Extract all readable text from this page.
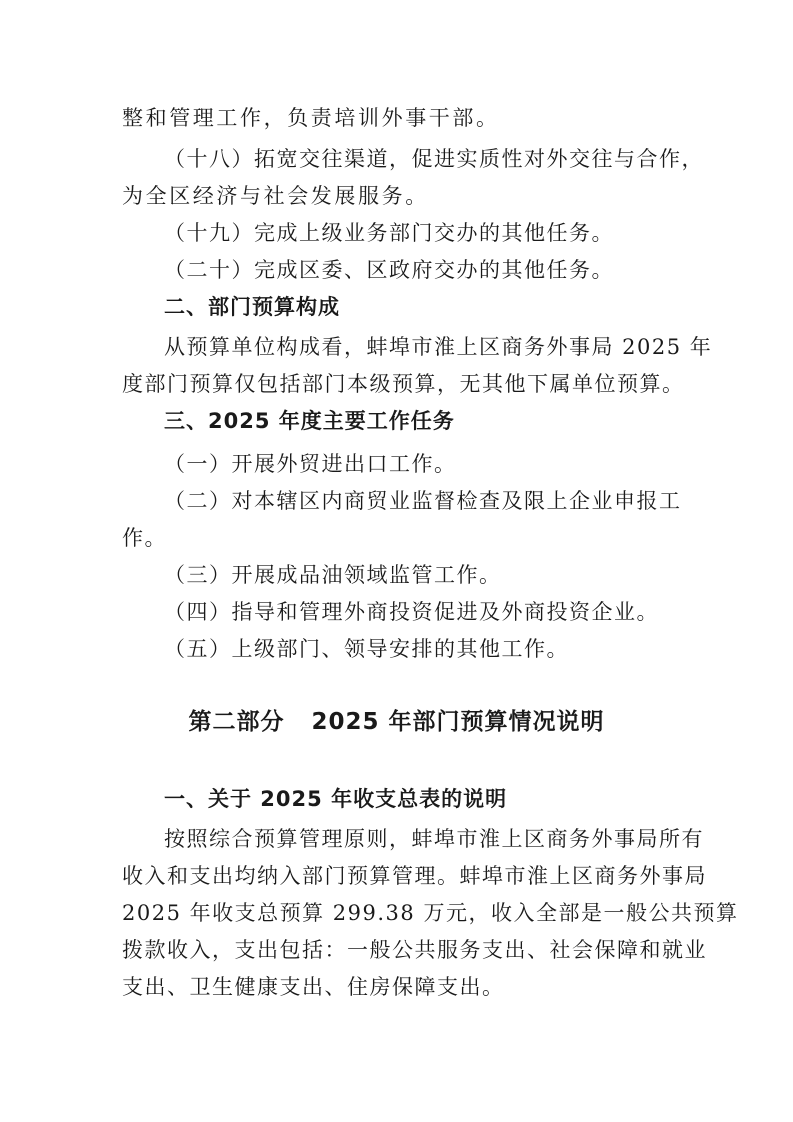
整和管理工作，负责培训外事干部。
（十八）拓宽交往渠道，促进实质性对外交往与合作，
为全区经济与社会发展服务。
（十九）完成上级业务部门交办的其他任务。
（二十）完成区委、区政府交办的其他任务。
二、部门预算构成
从预算单位构成看，蚌埠市淮上区商务外事局 2025 年
度部门预算仅包括部门本级预算，无其他下属单位预算。
三、2025 年度主要工作任务
（一）开展外贸进出口工作。
（二）对本辖区内商贸业监督检查及限上企业申报工
作。
（三）开展成品油领域监管工作。
（四）指导和管理外商投资促进及外商投资企业。
（五）上级部门、领导安排的其他工作。
第二部分   2025 年部门预算情况说明
一、关于 2025 年收支总表的说明
按照综合预算管理原则，蚌埠市淮上区商务外事局所有
收入和支出均纳入部门预算管理。蚌埠市淮上区商务外事局
2025 年收支总预算 299.38 万元，收入全部是一般公共预算
拨款收入，支出包括：一般公共服务支出、社会保障和就业
支出、卫生健康支出、住房保障支出。
